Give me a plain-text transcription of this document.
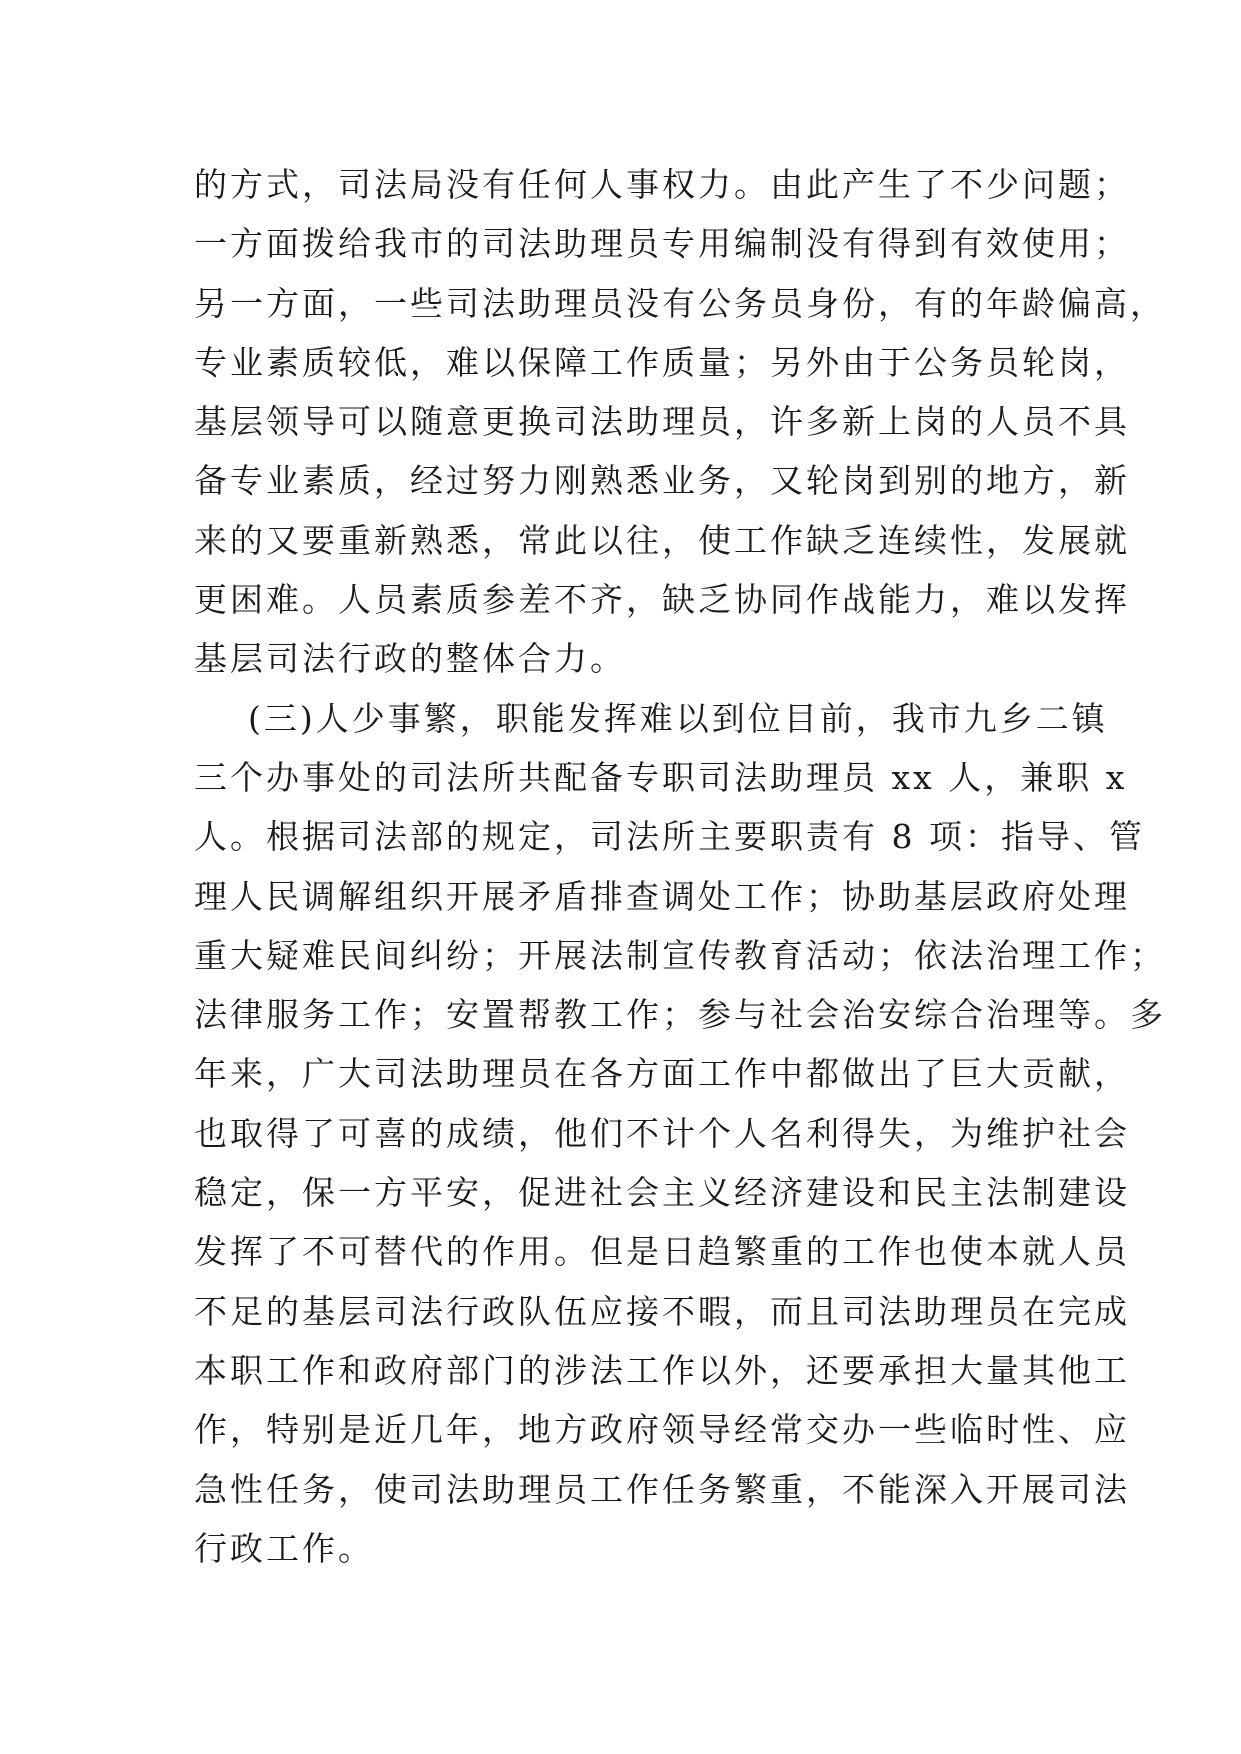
的方式，司法局没有任何人事权力。由此产生了不少问题；
一方面拨给我市的司法助理员专用编制没有得到有效使用；
另一方面，一些司法助理员没有公务员身份，有的年龄偏高，
专业素质较低，难以保障工作质量；另外由于公务员轮岗，
基层领导可以随意更换司法助理员，许多新上岗的人员不具
备专业素质，经过努力刚熟悉业务，又轮岗到别的地方，新
来的又要重新熟悉，常此以往，使工作缺乏连续性，发展就
更困难。人员素质参差不齐，缺乏协同作战能力，难以发挥
基层司法行政的整体合力。
(三)人少事繁，职能发挥难以到位目前，我市九乡二镇
三个办事处的司法所共配备专职司法助理员 xx 人，兼职 x
人。根据司法部的规定，司法所主要职责有 8 项：指导、管
理人民调解组织开展矛盾排查调处工作；协助基层政府处理
重大疑难民间纠纷；开展法制宣传教育活动；依法治理工作；
法律服务工作；安置帮教工作；参与社会治安综合治理等。多
年来，广大司法助理员在各方面工作中都做出了巨大贡献，
也取得了可喜的成绩，他们不计个人名利得失，为维护社会
稳定，保一方平安，促进社会主义经济建设和民主法制建设
发挥了不可替代的作用。但是日趋繁重的工作也使本就人员
不足的基层司法行政队伍应接不暇，而且司法助理员在完成
本职工作和政府部门的涉法工作以外，还要承担大量其他工
作，特别是近几年，地方政府领导经常交办一些临时性、应
急性任务，使司法助理员工作任务繁重，不能深入开展司法
行政工作。
